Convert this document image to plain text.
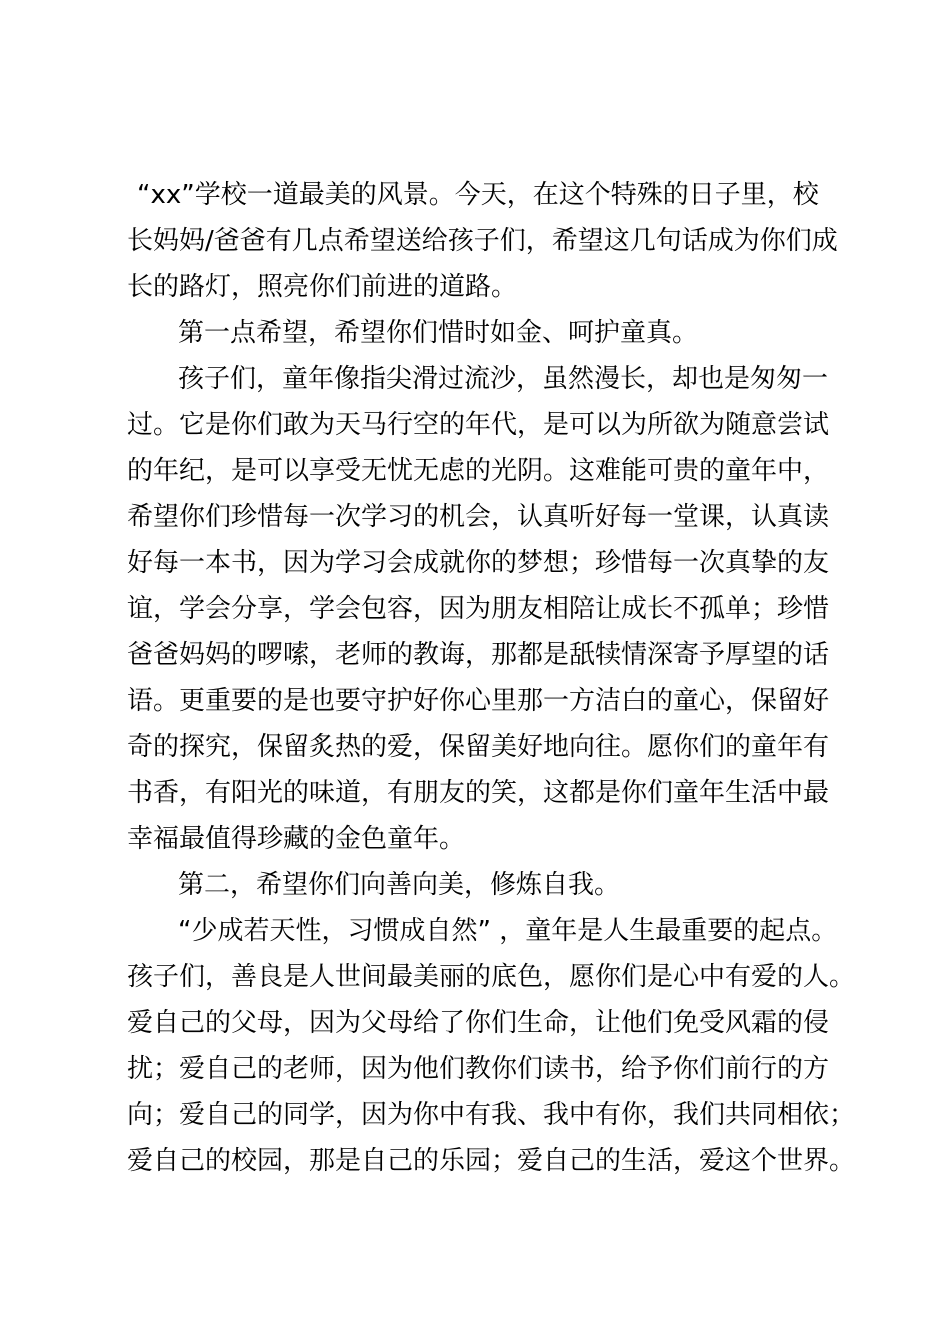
“xx”学校一道最美的风景。今天，在这个特殊的日子里，校
长妈妈/爸爸有几点希望送给孩子们，希望这几句话成为你们成
长的路灯，照亮你们前进的道路。
第一点希望，希望你们惜时如金、呵护童真。
孩子们，童年像指尖滑过流沙，虽然漫长，却也是匆匆一
过。它是你们敢为天马行空的年代，是可以为所欲为随意尝试
的年纪，是可以享受无忧无虑的光阴。这难能可贵的童年中，
希望你们珍惜每一次学习的机会，认真听好每一堂课，认真读
好每一本书，因为学习会成就你的梦想；珍惜每一次真挚的友
谊，学会分享，学会包容，因为朋友相陪让成长不孤单；珍惜
爸爸妈妈的啰嗦，老师的教诲，那都是舐犊情深寄予厚望的话
语。更重要的是也要守护好你心里那一方洁白的童心，保留好
奇的探究，保留炙热的爱，保留美好地向往。愿你们的童年有
书香，有阳光的味道，有朋友的笑，这都是你们童年生活中最
幸福最值得珍藏的金色童年。
第二，希望你们向善向美，修炼自我。
“少成若天性，习惯成自然” ，童年是人生最重要的起点。
孩子们，善良是人世间最美丽的底色，愿你们是心中有爱的人。
爱自己的父母，因为父母给了你们生命，让他们免受风霜的侵
扰；爱自己的老师，因为他们教你们读书，给予你们前行的方
向；爱自己的同学，因为你中有我、我中有你，我们共同相依；
爱自己的校园，那是自己的乐园；爱自己的生活，爱这个世界。
